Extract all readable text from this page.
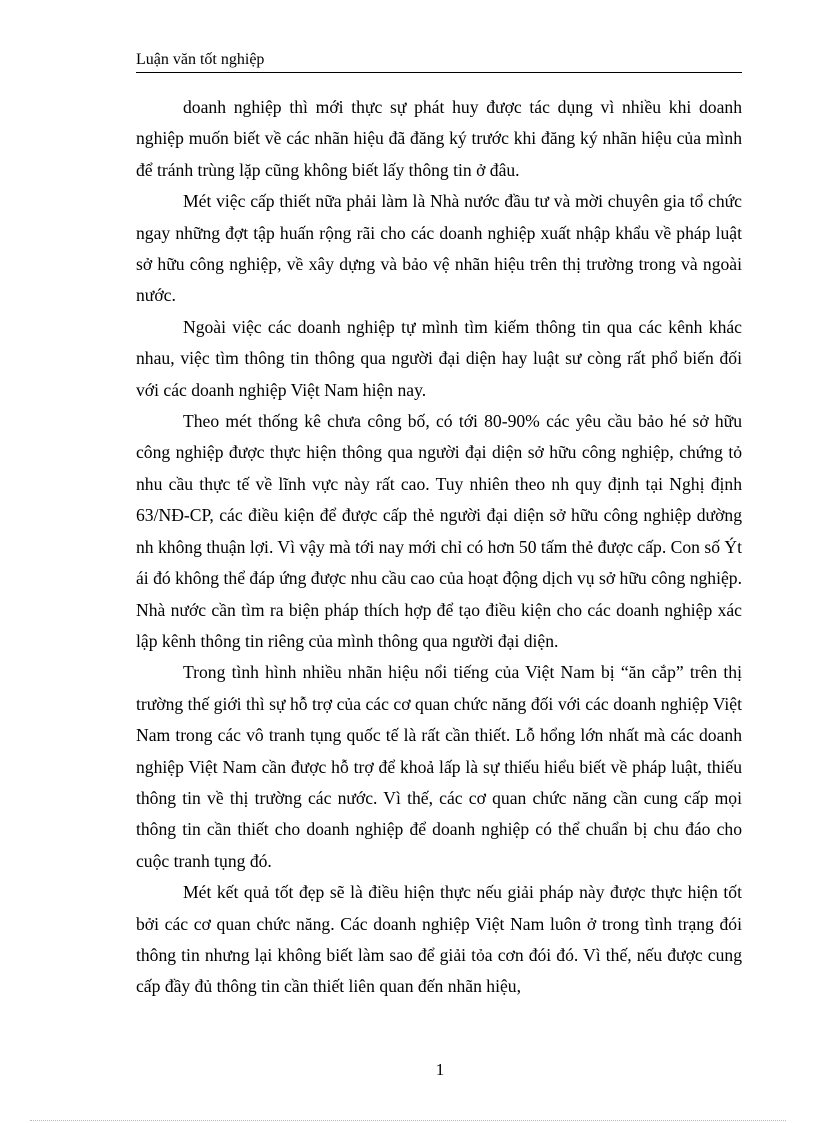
Luận văn tốt nghiệp

doanh nghiệp thì mới thực sự phát huy được tác dụng vì nhiều khi doanh nghiệp muốn biết về các nhãn hiệu đã đăng ký trước khi đăng ký nhãn hiệu của mình để tránh trùng lặp cũng không biết lấy thông tin ở đâu.

Mét việc cấp thiết nữa phải làm là Nhà nước đầu tư và mời chuyên gia tổ chức ngay những đợt tập huấn rộng rãi cho các doanh nghiệp xuất nhập khẩu về pháp luật sở hữu công nghiệp, về xây dựng và bảo vệ nhãn hiệu trên thị trường trong và ngoài nước.

Ngoài việc các doanh nghiệp tự mình tìm kiếm thông tin qua các kênh khác nhau, việc tìm thông tin thông qua người đại diện hay luật sư còng rất phổ biến đối với các doanh nghiệp Việt Nam hiện nay.

Theo mét thống kê chưa công bố, có tới 80-90% các yêu cầu bảo hé sở hữu công nghiệp được thực hiện thông qua người đại diện sở hữu công nghiệp, chứng tỏ nhu cầu thực tế về lĩnh vực này rất cao. Tuy nhiên theo nh quy định tại Nghị định 63/NĐ-CP, các điều kiện để được cấp thẻ người đại diện sở hữu công nghiệp dường nh không thuận lợi. Vì vậy mà tới nay mới chỉ có hơn 50 tấm thẻ được cấp. Con số Ýt ái đó không thể đáp ứng được nhu cầu cao của hoạt động dịch vụ sở hữu công nghiệp. Nhà nước cần tìm ra biện pháp thích hợp để tạo điều kiện cho các doanh nghiệp xác lập kênh thông tin riêng của mình thông qua người đại diện.

Trong tình hình nhiều nhãn hiệu nổi tiếng của Việt Nam bị “ăn cắp” trên thị trường thế giới thì sự hỗ trợ của các cơ quan chức năng đối với các doanh nghiệp Việt Nam trong các vô tranh tụng quốc tế là rất cần thiết. Lỗ hổng lớn nhất mà các doanh nghiệp Việt Nam cần được hỗ trợ để khoả lấp là sự thiếu hiểu biết về pháp luật, thiếu thông tin về thị trường các nước. Vì thế, các cơ quan chức năng cần cung cấp mọi thông tin cần thiết cho doanh nghiệp để doanh nghiệp có thể chuẩn bị chu đáo cho cuộc tranh tụng đó.

Mét kết quả tốt đẹp sẽ là điều hiện thực nếu giải pháp này được thực hiện tốt bởi các cơ quan chức năng. Các doanh nghiệp Việt Nam luôn ở trong tình trạng đói thông tin nhưng lại không biết làm sao để giải tỏa cơn đói đó. Vì thế, nếu được cung cấp đầy đủ thông tin cần thiết liên quan đến nhãn hiệu,

1
